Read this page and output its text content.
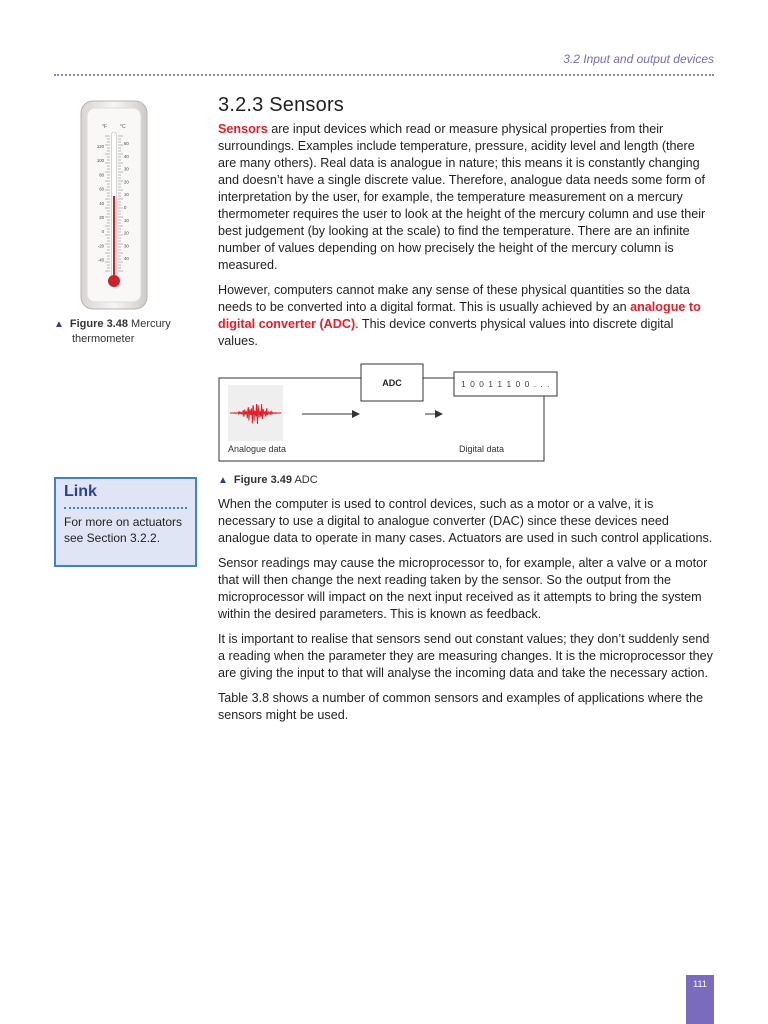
3.2 Input and output devices
°F	°C
120
100
80
60
40
20
0
-20
-40
50
40
30
20
10
0
10
20
30
40
▲ Figure 3.48 Mercury
thermometer
3.2.3 Sensors

Sensors are input devices which read or measure physical properties from their surroundings. Examples include temperature, pressure, acidity level and length (there are many others). Real data is analogue in nature; this means it is constantly changing and doesn’t have a single discrete value. Therefore, analogue data needs some form of interpretation by the user, for example, the temperature measurement on a mercury thermometer requires the user to look at the height of the mercury column and use their best judgement (by looking at the scale) to find the temperature. There are an infinite number of values depending on how precisely the height of the mercury column is measured.

However, computers cannot make any sense of these physical quantities so the data needs to be converted into a digital format. This is usually achieved by an analogue to digital converter (ADC). This device converts physical values into discrete digital values.

ADC	1 0 0 1 1 1 0 0 . . .
Analogue data	Digital data
▲ Figure 3.49 ADC

When the computer is used to control devices, such as a motor or a valve, it is necessary to use a digital to analogue converter (DAC) since these devices need analogue data to operate in many cases. Actuators are used in such control applications.

Sensor readings may cause the microprocessor to, for example, alter a valve or a motor that will then change the next reading taken by the sensor. So the output from the microprocessor will impact on the next input received as it attempts to bring the system within the desired parameters. This is known as feedback.

It is important to realise that sensors send out constant values; they don’t suddenly send a reading when the parameter they are measuring changes. It is the microprocessor they are giving the input to that will analyse the incoming data and take the necessary action.

Table 3.8 shows a number of common sensors and examples of applications where the sensors might be used.

Link
For more on actuators see Section 3.2.2.
111
